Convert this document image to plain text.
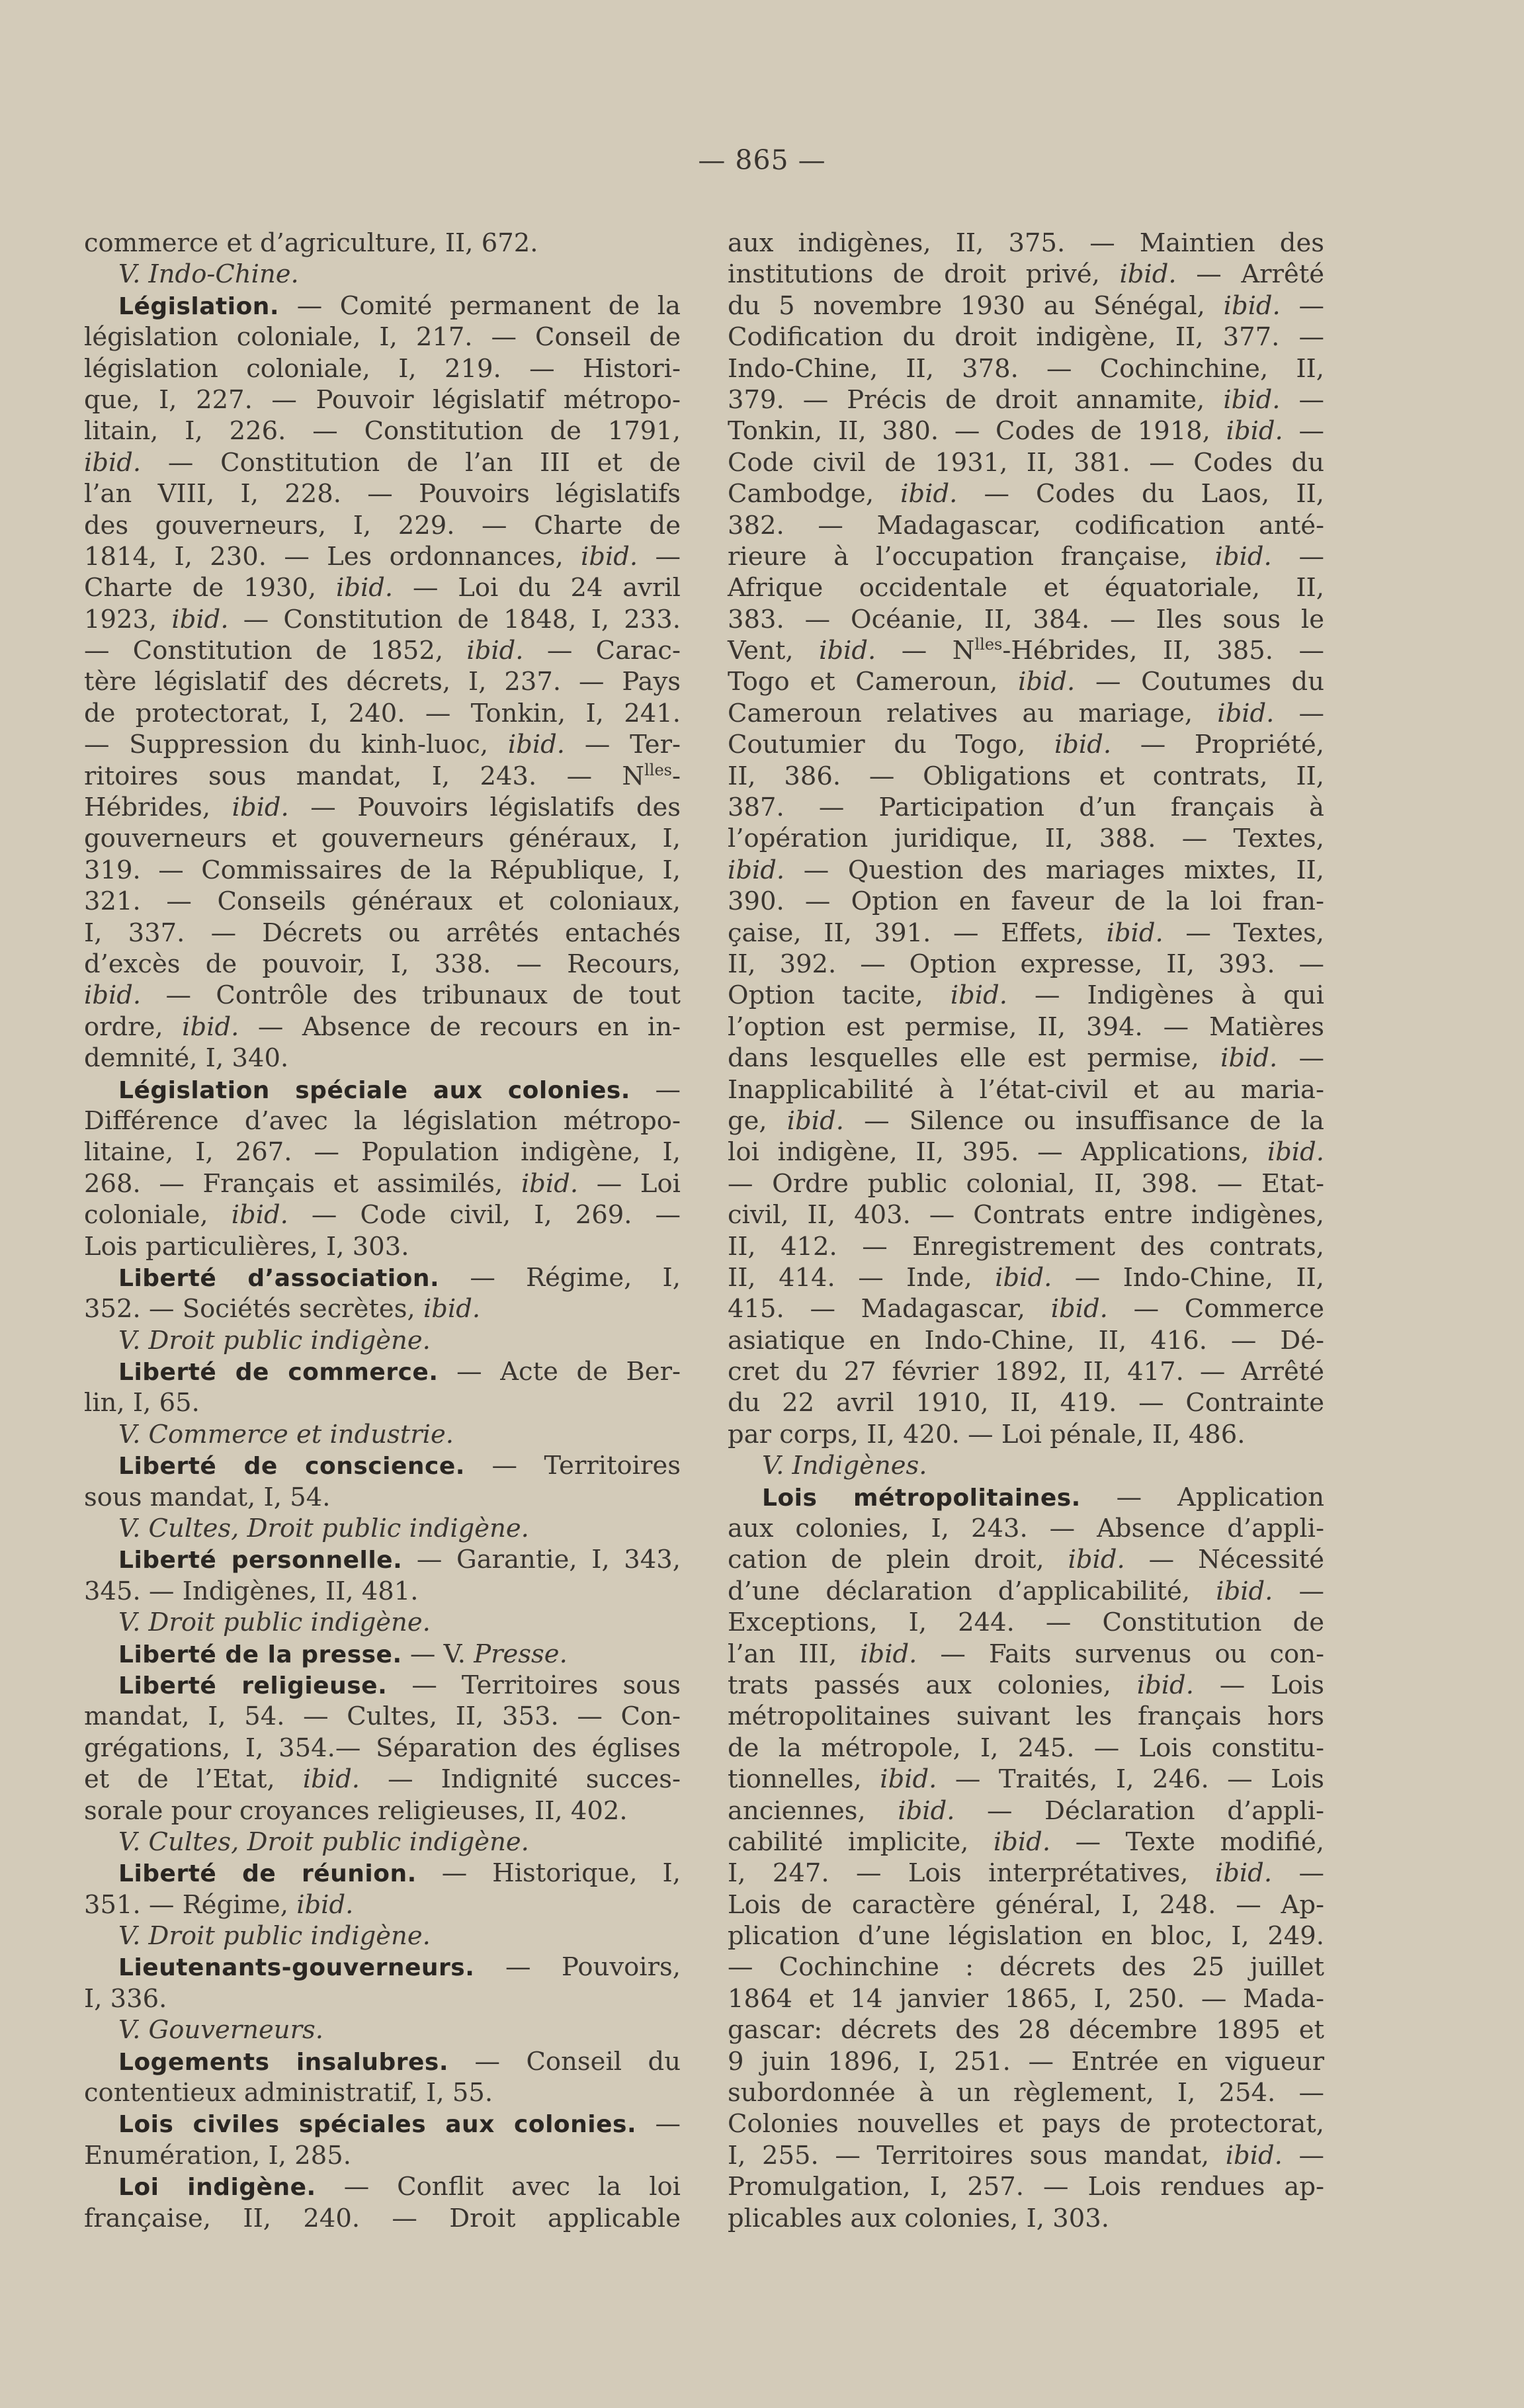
— 865 —
commerce et d’agriculture, II, 672.
V. Indo-Chine.
Législation. — Comité permanent de la
législation coloniale, I, 217. — Conseil de
législation coloniale, I, 219. — Histori-
que, I, 227. — Pouvoir législatif métropo-
litain, I, 226. — Constitution de 1791,
ibid. — Constitution de l’an III et de
l’an VIII, I, 228. — Pouvoirs législatifs
des gouverneurs, I, 229. — Charte de
1814, I, 230. — Les ordonnances, ibid. —
Charte de 1930, ibid. — Loi du 24 avril
1923, ibid. — Constitution de 1848, I, 233.
— Constitution de 1852, ibid. — Carac-
tère législatif des décrets, I, 237. — Pays
de protectorat, I, 240. — Tonkin, I, 241.
— Suppression du kinh-luoc, ibid. — Ter-
ritoires sous mandat, I, 243. — $N^{lles}-$
Hébrides, ibid. — Pouvoirs législatifs des
gouverneurs et gouverneurs généraux, I,
319. — Commissaires de la République, I,
321. — Conseils généraux et coloniaux,
I, 337. — Décrets ou arrêtés entachés
d’excès de pouvoir, I, 338. — Recours,
ibid. — Contrôle des tribunaux de tout
ordre, ibid. — Absence de recours en in-
demnité, I, 340.
Législation spéciale aux colonies. —
Différence d’avec la législation métropo-
litaine, I, 267. — Population indigène, I,
268. — Français et assimilés, ibid. — Loi
coloniale, ibid. — Code civil, I, 269. —
Lois particulières, I, 303.
Liberté d’association. — Régime, I,
352. — Sociétés secrètes, ibid.
V. Droit public indigène.
Liberté de commerce. — Acte de Ber-
lin, I, 65.
V. Commerce et industrie.
Liberté de conscience. — Territoires
sous mandat, I, 54.
V. Cultes, Droit public indigène.
Liberté personnelle. — Garantie, I, 343,
345. — Indigènes, II, 481.
V. Droit public indigène.
Liberté de la presse. — V. Presse.
Liberté religieuse. — Territoires sous
mandat, I, 54. — Cultes, II, 353. — Con-
grégations, I, 354.— Séparation des églises
et de l’Etat, ibid. — Indignité succes-
sorale pour croyances religieuses, II, 402.
V. Cultes, Droit public indigène.
Liberté de réunion. — Historique, I,
351. — Régime, ibid.
V. Droit public indigène.
Lieutenants-gouverneurs. — Pouvoirs,
I, 336.
V. Gouverneurs.
Logements insalubres. — Conseil du
contentieux administratif, I, 55.
Lois civiles spéciales aux colonies. —
Enumération, I, 285.
Loi indigène. — Conflit avec la loi
française, II, 240. — Droit applicable
aux indigènes, II, 375. — Maintien des
institutions de droit privé, ibid. — Arrêté
du 5 novembre 1930 au Sénégal, ibid. —
Codification du droit indigène, II, 377. —
Indo-Chine, II, 378. — Cochinchine, II,
379. — Précis de droit annamite, ibid. —
Tonkin, II, 380. — Codes de 1918, ibid. —
Code civil de 1931, II, 381. — Codes du
Cambodge, ibid. — Codes du Laos, II,
382. — Madagascar, codification anté-
rieure à l’occupation française, ibid. —
Afrique occidentale et équatoriale, II,
383. — Océanie, II, 384. — Iles sous le
Vent, ibid. — $N^{lles}$-Hébrides, II, 385. —
Togo et Cameroun, ibid. — Coutumes du
Cameroun relatives au mariage, ibid. —
Coutumier du Togo, ibid. — Propriété,
II, 386. — Obligations et contrats, II,
387. — Participation d’un français à
l’opération juridique, II, 388. — Textes,
ibid. — Question des mariages mixtes, II,
390. — Option en faveur de la loi fran-
çaise, II, 391. — Effets, ibid. — Textes,
II, 392. — Option expresse, II, 393. —
Option tacite, ibid. — Indigènes à qui
l’option est permise, II, 394. — Matières
dans lesquelles elle est permise, ibid. —
Inapplicabilité à l’état-civil et au maria-
ge, ibid. — Silence ou insuffisance de la
loi indigène, II, 395. — Applications, ibid.
— Ordre public colonial, II, 398. — Etat-
civil, II, 403. — Contrats entre indigènes,
II, 412. — Enregistrement des contrats,
II, 414. — Inde, ibid. — Indo-Chine, II,
415. — Madagascar, ibid. — Commerce
asiatique en Indo-Chine, II, 416. — Dé-
cret du 27 février 1892, II, 417. — Arrêté
du 22 avril 1910, II, 419. — Contrainte
par corps, II, 420. — Loi pénale, II, 486.
V. Indigènes.
Lois métropolitaines. — Application
aux colonies, I, 243. — Absence d’appli-
cation de plein droit, ibid. — Nécessité
d’une déclaration d’applicabilité, ibid. —
Exceptions, I, 244. — Constitution de
l’an III, ibid. — Faits survenus ou con-
trats passés aux colonies, ibid. — Lois
métropolitaines suivant les français hors
de la métropole, I, 245. — Lois constitu-
tionnelles, ibid. — Traités, I, 246. — Lois
anciennes, ibid. — Déclaration d’appli-
cabilité implicite, ibid. — Texte modifié,
I, 247. — Lois interprétatives, ibid. —
Lois de caractère général, I, 248. — Ap-
plication d’une législation en bloc, I, 249.
— Cochinchine : décrets des 25 juillet
1864 et 14 janvier 1865, I, 250. — Mada-
gascar: décrets des 28 décembre 1895 et
9 juin 1896, I, 251. — Entrée en vigueur
subordonnée à un règlement, I, 254. —
Colonies nouvelles et pays de protectorat,
I, 255. — Territoires sous mandat, ibid. —
Promulgation, I, 257. — Lois rendues ap-
plicables aux colonies, I, 303.
